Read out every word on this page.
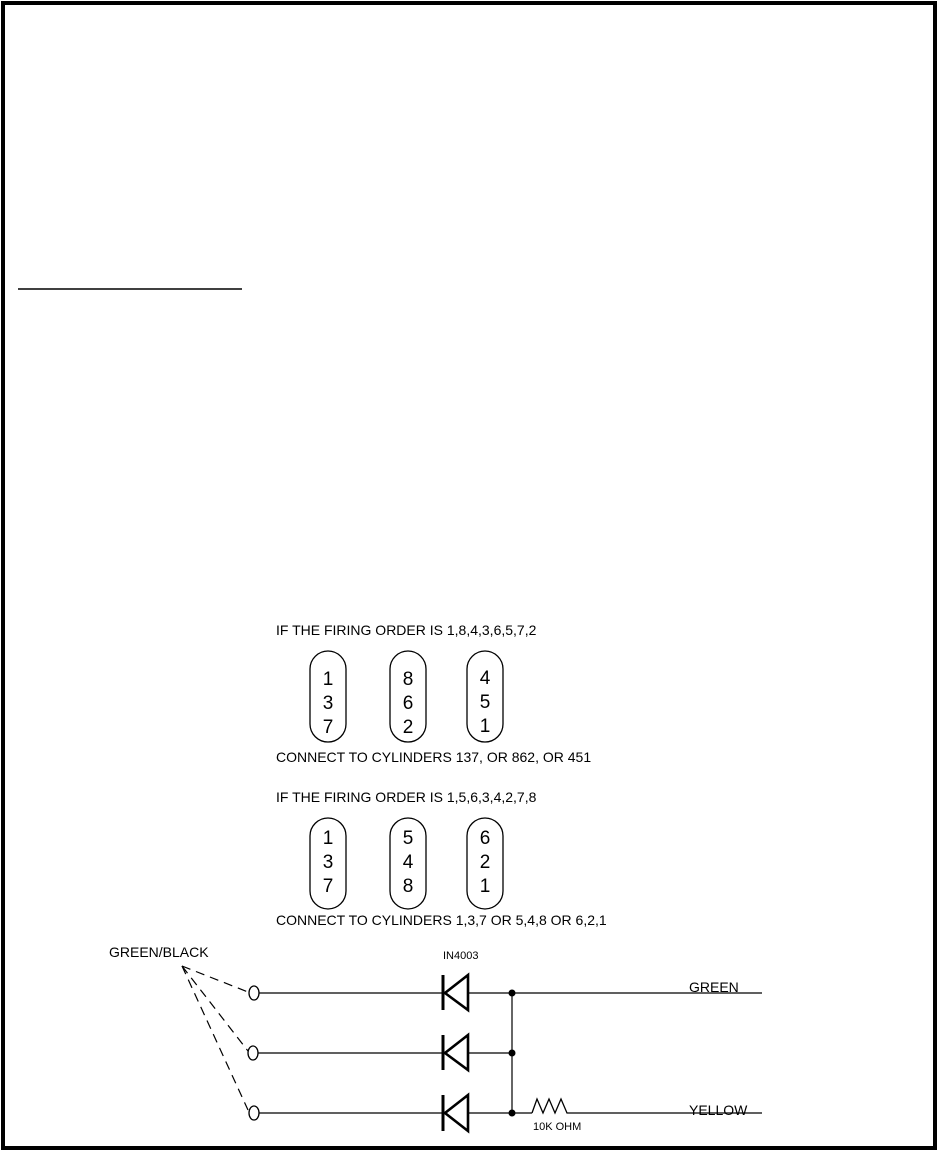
IF THE FIRING ORDER IS 1,8,4,3,6,5,7,2
1
3
7
8
6
2
4
5
1
CONNECT TO CYLINDERS 137, OR 862, OR 451
IF THE FIRING ORDER IS 1,5,6,3,4,2,7,8
1
3
7
5
4
8
6
2
1
CONNECT TO CYLINDERS 1,3,7 OR 5,4,8 OR 6,2,1
GREEN/BLACK	IN4003
10K OHM
GREEN
YELLOW
